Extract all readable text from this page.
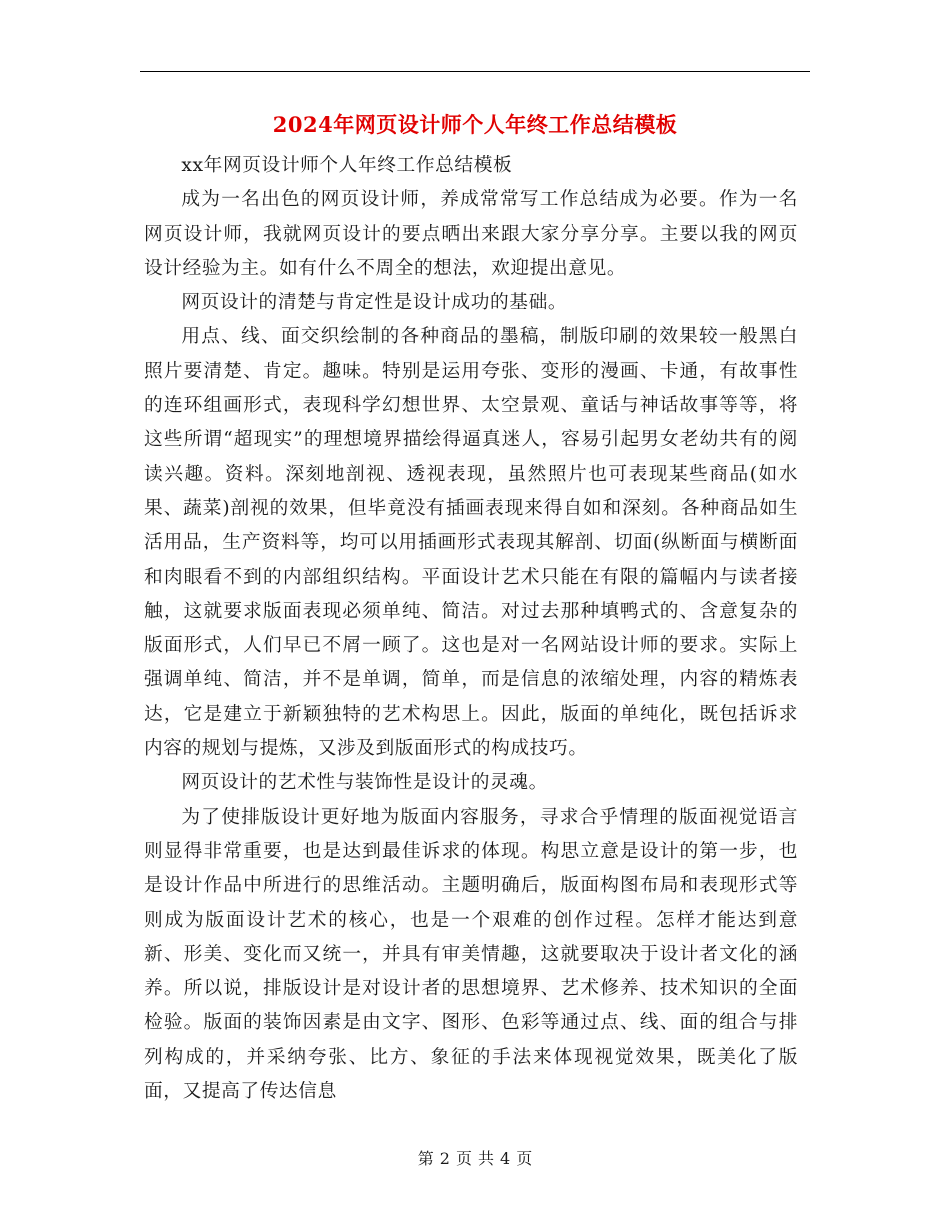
2024年网页设计师个人年终工作总结模板

xx年网页设计师个人年终工作总结模板

成为一名出色的网页设计师，养成常常写工作总结成为必要。作为一名网页设计师，我就网页设计的要点晒出来跟大家分享分享。主要以我的网页设计经验为主。如有什么不周全的想法，欢迎提出意见。

网页设计的清楚与肯定性是设计成功的基础。

用点、线、面交织绘制的各种商品的墨稿，制版印刷的效果较一般黑白照片要清楚、肯定。趣味。特别是运用夸张、变形的漫画、卡通，有故事性的连环组画形式，表现科学幻想世界、太空景观、童话与神话故事等等，将这些所谓“超现实”的理想境界描绘得逼真迷人，容易引起男女老幼共有的阅读兴趣。资料。深刻地剖视、透视表现，虽然照片也可表现某些商品(如水果、蔬菜)剖视的效果，但毕竟没有插画表现来得自如和深刻。各种商品如生活用品，生产资料等，均可以用插画形式表现其解剖、切面(纵断面与横断面和肉眼看不到的内部组织结构。平面设计艺术只能在有限的篇幅内与读者接触，这就要求版面表现必须单纯、简洁。对过去那种填鸭式的、含意复杂的版面形式，人们早已不屑一顾了。这也是对一名网站设计师的要求。实际上强调单纯、简洁，并不是单调，简单，而是信息的浓缩处理，内容的精炼表达，它是建立于新颖独特的艺术构思上。因此，版面的单纯化，既包括诉求内容的规划与提炼，又涉及到版面形式的构成技巧。

网页设计的艺术性与装饰性是设计的灵魂。

为了使排版设计更好地为版面内容服务，寻求合乎情理的版面视觉语言则显得非常重要，也是达到最佳诉求的体现。构思立意是设计的第一步，也是设计作品中所进行的思维活动。主题明确后，版面构图布局和表现形式等则成为版面设计艺术的核心，也是一个艰难的创作过程。怎样才能达到意新、形美、变化而又统一，并具有审美情趣，这就要取决于设计者文化的涵养。所以说，排版设计是对设计者的思想境界、艺术修养、技术知识的全面检验。版面的装饰因素是由文字、图形、色彩等通过点、线、面的组合与排列构成的，并采纳夸张、比方、象征的手法来体现视觉效果，既美化了版面，又提高了传达信息

第 2 页 共 4 页
